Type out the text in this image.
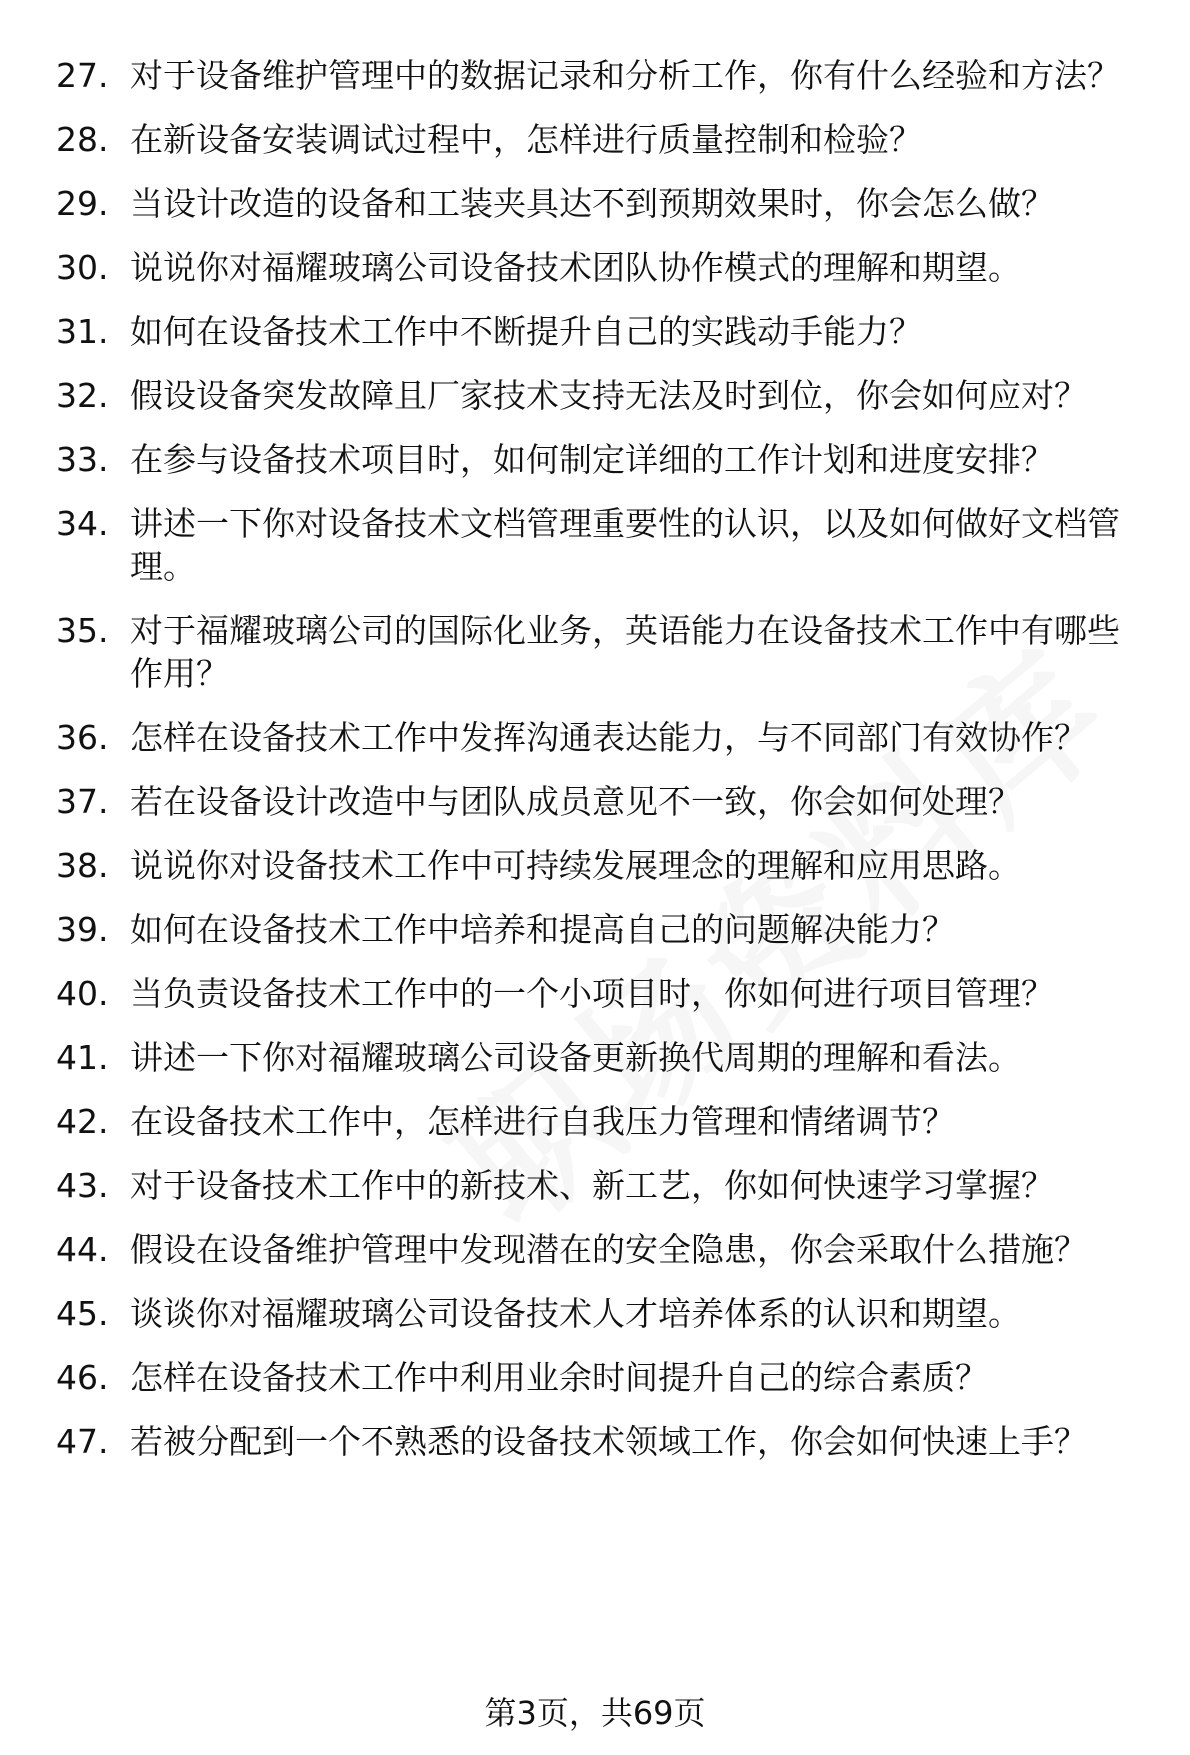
27. 对于设备维护管理中的数据记录和分析工作，你有什么经验和方法？
28. 在新设备安装调试过程中，怎样进行质量控制和检验？
29. 当设计改造的设备和工装夹具达不到预期效果时，你会怎么做？
30. 说说你对福耀玻璃公司设备技术团队协作模式的理解和期望。
31. 如何在设备技术工作中不断提升自己的实践动手能力？
32. 假设设备突发故障且厂家技术支持无法及时到位，你会如何应对？
33. 在参与设备技术项目时，如何制定详细的工作计划和进度安排？
34. 讲述一下你对设备技术文档管理重要性的认识，以及如何做好文档管理。
35. 对于福耀玻璃公司的国际化业务，英语能力在设备技术工作中有哪些作用？
36. 怎样在设备技术工作中发挥沟通表达能力，与不同部门有效协作？
37. 若在设备设计改造中与团队成员意见不一致，你会如何处理？
38. 说说你对设备技术工作中可持续发展理念的理解和应用思路。
39. 如何在设备技术工作中培养和提高自己的问题解决能力？
40. 当负责设备技术工作中的一个小项目时，你如何进行项目管理？
41. 讲述一下你对福耀玻璃公司设备更新换代周期的理解和看法。
42. 在设备技术工作中，怎样进行自我压力管理和情绪调节？
43. 对于设备技术工作中的新技术、新工艺，你如何快速学习掌握？
44. 假设在设备维护管理中发现潜在的安全隐患，你会采取什么措施？
45. 谈谈你对福耀玻璃公司设备技术人才培养体系的认识和期望。
46. 怎样在设备技术工作中利用业余时间提升自己的综合素质？
47. 若被分配到一个不熟悉的设备技术领域工作，你会如何快速上手？
第3页，共69页
